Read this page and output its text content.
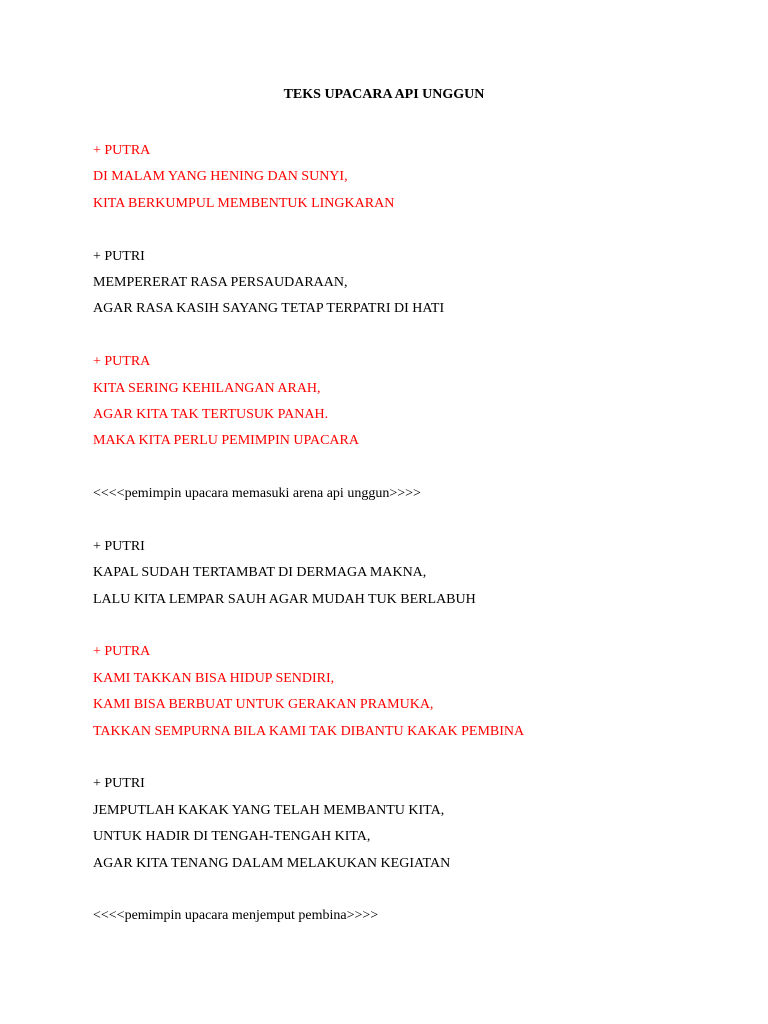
TEKS UPACARA API UNGGUN
+ PUTRA
DI MALAM YANG HENING DAN SUNYI,
KITA BERKUMPUL MEMBENTUK LINGKARAN
+ PUTRI
MEMPERERAT RASA PERSAUDARAAN,
AGAR RASA KASIH SAYANG TETAP TERPATRI DI HATI
+ PUTRA
KITA SERING KEHILANGAN ARAH,
AGAR KITA TAK TERTUSUK PANAH.
MAKA KITA PERLU PEMIMPIN UPACARA
<<<<pemimpin upacara memasuki arena api unggun>>>>
+ PUTRI
KAPAL SUDAH TERTAMBAT DI DERMAGA MAKNA,
LALU KITA LEMPAR SAUH AGAR MUDAH TUK BERLABUH
+ PUTRA
KAMI TAKKAN BISA HIDUP SENDIRI,
KAMI BISA BERBUAT UNTUK GERAKAN PRAMUKA,
TAKKAN SEMPURNA BILA KAMI TAK DIBANTU KAKAK PEMBINA
+ PUTRI
JEMPUTLAH KAKAK YANG TELAH MEMBANTU KITA,
UNTUK HADIR DI TENGAH-TENGAH KITA,
AGAR KITA TENANG DALAM MELAKUKAN KEGIATAN
<<<<pemimpin upacara menjemput pembina>>>>
